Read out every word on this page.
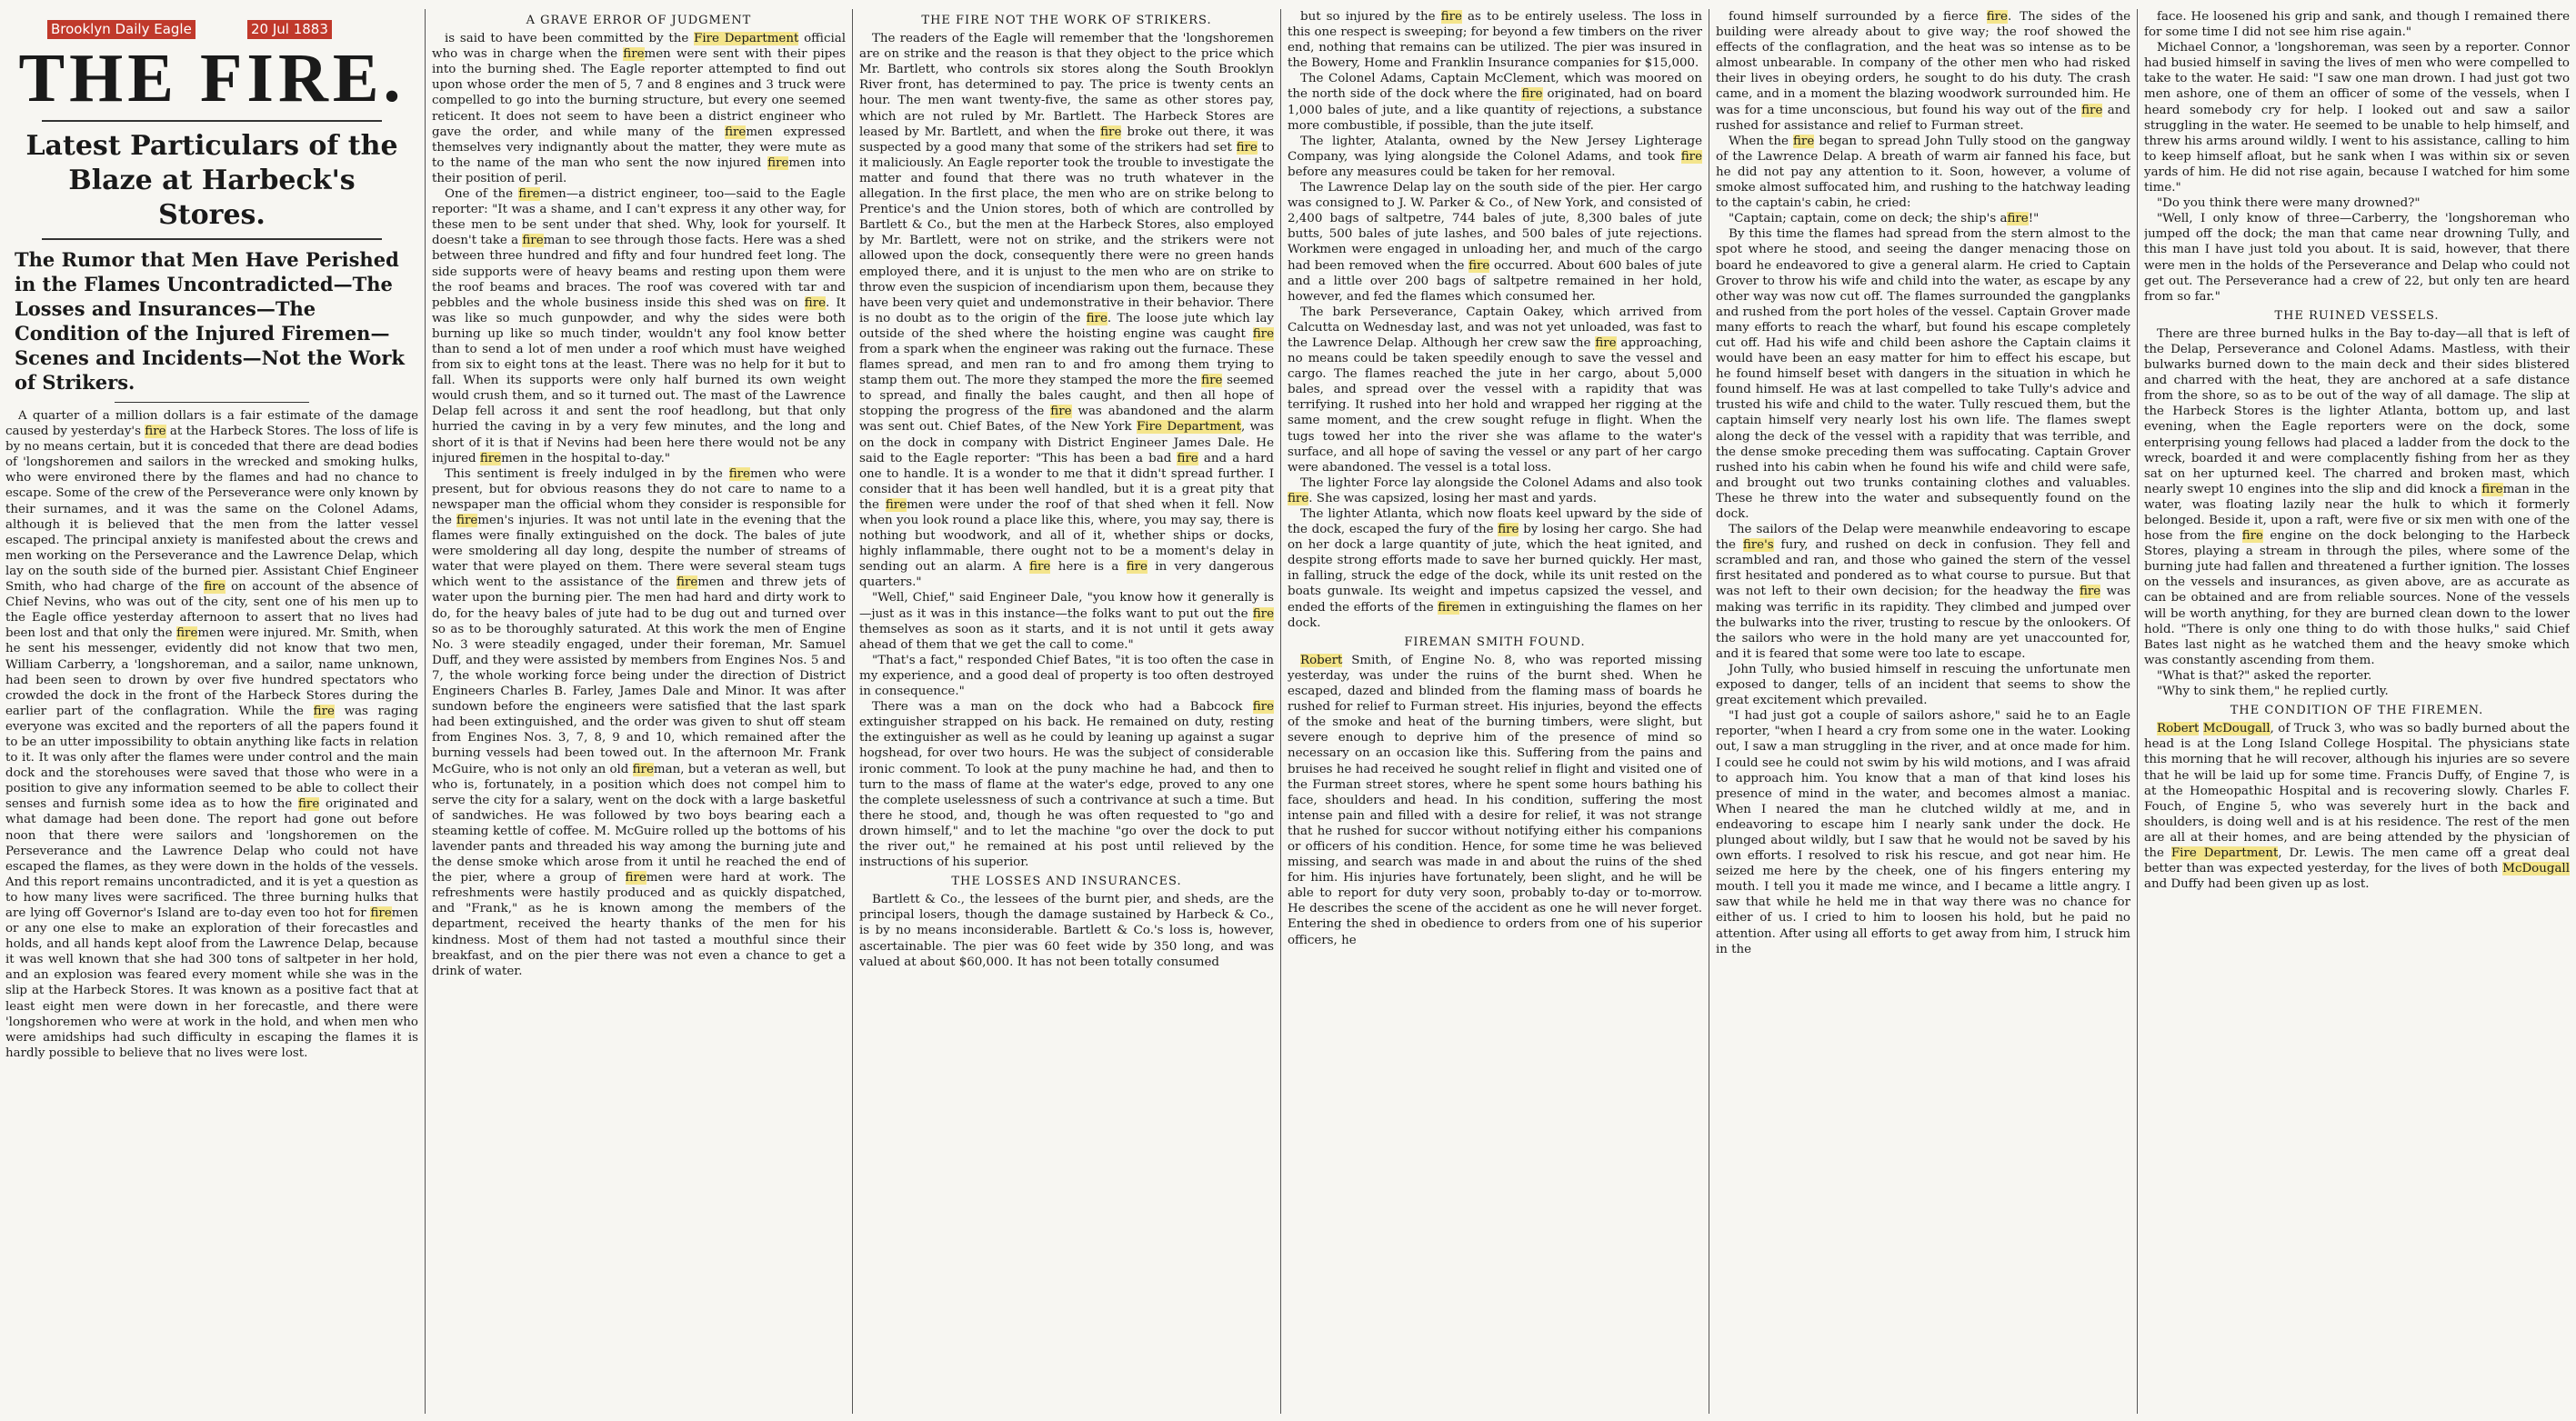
THE FIRE.
Latest Particulars of the Blaze at Harbeck's Stores.
The Rumor that Men Have Perished in the Flames Uncontradicted—The Losses and Insurances—The Condition of the Injured Firemen—Scenes and Incidents—Not the Work of Strikers.

A quarter of a million dollars is a fair estimate of the damage caused by yesterday's fire at the Harbeck Stores. The loss of life is by no means certain, but it is conceded that there are dead bodies of 'longshoremen and sailors in the wrecked and smoking hulks, who were environed there by the flames and had no chance to escape. Some of the crew of the Perseverance were only known by their surnames, and it was the same on the Colonel Adams, although it is believed that the men from the latter vessel escaped. The principal anxiety is manifested about the crews and men working on the Perseverance and the Lawrence Delap, which lay on the south side of the burned pier. Assistant Chief Engineer Smith, who had charge of the fire on account of the absence of Chief Nevins, who was out of the city, sent one of his men up to the Eagle office yesterday afternoon to assert that no lives had been lost and that only the firemen were injured. Mr. Smith, when he sent his messenger, evidently did not know that two men, William Carberry, a 'longshoreman, and a sailor, name unknown, had been seen to drown by over five hundred spectators who crowded the dock in the front of the Harbeck Stores during the earlier part of the conflagration. While the fire was raging everyone was excited and the reporters of all the papers found it to be an utter impossibility to obtain anything like facts in relation to it. It was only after the flames were under control and the main dock and the storehouses were saved that those who were in a position to give any information seemed to be able to collect their senses and furnish some idea as to how the fire originated and what damage had been done. The report had gone out before noon that there were sailors and 'longshoremen on the Perseverance and the Lawrence Delap who could not have escaped the flames, as they were down in the holds of the vessels. And this report remains uncontradicted, and it is yet a question as to how many lives were sacrificed. The three burning hulks that are lying off Governor's Island are to-day even too hot for firemen or any one else to make an exploration of their forecastles and holds, and all hands kept aloof from the Lawrence Delap, because it was well known that she had 300 tons of saltpeter in her hold, and an explosion was feared every moment while she was in the slip at the Harbeck Stores. It was known as a positive fact that at least eight men were down in her forecastle, and there were 'longshoremen who were at work in the hold, and when men who were amidships had such difficulty in escaping the flames it is hardly possible to believe that no lives were lost.

Brooklyn Daily Eagle	20 Jul 1883

A GRAVE ERROR OF JUDGMENT

is said to have been committed by the Fire Department official who was in charge when the firemen were sent with their pipes into the burning shed. The Eagle reporter attempted to find out upon whose order the men of 5, 7 and 8 engines and 3 truck were compelled to go into the burning structure, but every one seemed reticent. It does not seem to have been a district engineer who gave the order, and while many of the firemen expressed themselves very indignantly about the matter, they were mute as to the name of the man who sent the now injured firemen into their position of peril.

One of the firemen—a district engineer, too—said to the Eagle reporter: "It was a shame, and I can't express it any other way, for these men to be sent under that shed. Why, look for yourself. It doesn't take a fireman to see through those facts. Here was a shed between three hundred and fifty and four hundred feet long. The side supports were of heavy beams and resting upon them were the roof beams and braces. The roof was covered with tar and pebbles and the whole business inside this shed was on fire. It was like so much gunpowder, and why the sides were both burning up like so much tinder, wouldn't any fool know better than to send a lot of men under a roof which must have weighed from six to eight tons at the least. There was no help for it but to fall. When its supports were only half burned its own weight would crush them, and so it turned out. The mast of the Lawrence Delap fell across it and sent the roof headlong, but that only hurried the caving in by a very few minutes, and the long and short of it is that if Nevins had been here there would not be any injured firemen in the hospital to-day."

This sentiment is freely indulged in by the firemen who were present, but for obvious reasons they do not care to name to a newspaper man the official whom they consider is responsible for the firemen's injuries. It was not until late in the evening that the flames were finally extinguished on the dock. The bales of jute were smoldering all day long, despite the number of streams of water that were played on them. There were several steam tugs which went to the assistance of the firemen and threw jets of water upon the burning pier. The men had hard and dirty work to do, for the heavy bales of jute had to be dug out and turned over so as to be thoroughly saturated. At this work the men of Engine No. 3 were steadily engaged, under their foreman, Mr. Samuel Duff, and they were assisted by members from Engines Nos. 5 and 7, the whole working force being under the direction of District Engineers Charles B. Farley, James Dale and Minor. It was after sundown before the engineers were satisfied that the last spark had been extinguished, and the order was given to shut off steam from Engines Nos. 3, 7, 8, 9 and 10, which remained after the burning vessels had been towed out. In the afternoon Mr. Frank McGuire, who is not only an old fireman, but a veteran as well, but who is, fortunately, in a position which does not compel him to serve the city for a salary, went on the dock with a large basketful of sandwiches. He was followed by two boys bearing each a steaming kettle of coffee. M. McGuire rolled up the bottoms of his lavender pants and threaded his way among the burning jute and the dense smoke which arose from it until he reached the end of the pier, where a group of firemen were hard at work. The refreshments were hastily produced and as quickly dispatched, and "Frank," as he is known among the members of the department, received the hearty thanks of the men for his kindness. Most of them had not tasted a mouthful since their breakfast, and on the pier there was not even a chance to get a drink of water.

THE FIRE NOT THE WORK OF STRIKERS.

The readers of the Eagle will remember that the 'longshoremen are on strike and the reason is that they object to the price which Mr. Bartlett, who controls six stores along the South Brooklyn River front, has determined to pay. The price is twenty cents an hour. The men want twenty-five, the same as other stores pay, which are not ruled by Mr. Bartlett. The Harbeck Stores are leased by Mr. Bartlett, and when the fire broke out there, it was suspected by a good many that some of the strikers had set fire to it maliciously. An Eagle reporter took the trouble to investigate the matter and found that there was no truth whatever in the allegation. In the first place, the men who are on strike belong to Prentice's and the Union stores, both of which are controlled by Bartlett & Co., but the men at the Harbeck Stores, also employed by Mr. Bartlett, were not on strike, and the strikers were not allowed upon the dock, consequently there were no green hands employed there, and it is unjust to the men who are on strike to throw even the suspicion of incendiarism upon them, because they have been very quiet and undemonstrative in their behavior. There is no doubt as to the origin of the fire. The loose jute which lay outside of the shed where the hoisting engine was caught fire from a spark when the engineer was raking out the furnace. These flames spread, and men ran to and fro among them trying to stamp them out. The more they stamped the more the fire seemed to spread, and finally the bales caught, and then all hope of stopping the progress of the fire was abandoned and the alarm was sent out. Chief Bates, of the New York Fire Department, was on the dock in company with District Engineer James Dale. He said to the Eagle reporter: "This has been a bad fire and a hard one to handle. It is a wonder to me that it didn't spread further. I consider that it has been well handled, but it is a great pity that the firemen were under the roof of that shed when it fell. Now when you look round a place like this, where, you may say, there is nothing but woodwork, and all of it, whether ships or docks, highly inflammable, there ought not to be a moment's delay in sending out an alarm. A fire here is a fire in very dangerous quarters."

"Well, Chief," said Engineer Dale, "you know how it generally is—just as it was in this instance—the folks want to put out the fire themselves as soon as it starts, and it is not until it gets away ahead of them that we get the call to come."

"That's a fact," responded Chief Bates, "it is too often the case in my experience, and a good deal of property is too often destroyed in consequence."

There was a man on the dock who had a Babcock fire extinguisher strapped on his back. He remained on duty, resting the extinguisher as well as he could by leaning up against a sugar hogshead, for over two hours. He was the subject of considerable ironic comment. To look at the puny machine he had, and then to turn to the mass of flame at the water's edge, proved to any one the complete uselessness of such a contrivance at such a time. But there he stood, and, though he was often requested to "go and drown himself," and to let the machine "go over the dock to put the river out," he remained at his post until relieved by the instructions of his superior.

THE LOSSES AND INSURANCES.

Bartlett & Co., the lessees of the burnt pier, and sheds, are the principal losers, though the damage sustained by Harbeck & Co., is by no means inconsiderable. Bartlett & Co.'s loss is, however, ascertainable. The pier was 60 feet wide by 350 long, and was valued at about $60,000. It has not been totally consumed

but so injured by the fire as to be entirely useless. The loss in this one respect is sweeping; for beyond a few timbers on the river end, nothing that remains can be utilized. The pier was insured in the Bowery, Home and Franklin Insurance companies for $15,000.

The Colonel Adams, Captain McClement, which was moored on the north side of the dock where the fire originated, had on board 1,000 bales of jute, and a like quantity of rejections, a substance more combustible, if possible, than the jute itself.

The lighter, Atalanta, owned by the New Jersey Lighterage Company, was lying alongside the Colonel Adams, and took fire before any measures could be taken for her removal.

The Lawrence Delap lay on the south side of the pier. Her cargo was consigned to J. W. Parker & Co., of New York, and consisted of 2,400 bags of saltpetre, 744 bales of jute, 8,300 bales of jute butts, 500 bales of jute lashes, and 500 bales of jute rejections. Workmen were engaged in unloading her, and much of the cargo had been removed when the fire occurred. About 600 bales of jute and a little over 200 bags of saltpetre remained in her hold, however, and fed the flames which consumed her.

The bark Perseverance, Captain Oakey, which arrived from Calcutta on Wednesday last, and was not yet unloaded, was fast to the Lawrence Delap. Although her crew saw the fire approaching, no means could be taken speedily enough to save the vessel and cargo. The flames reached the jute in her cargo, about 5,000 bales, and spread over the vessel with a rapidity that was terrifying. It rushed into her hold and wrapped her rigging at the same moment, and the crew sought refuge in flight. When the tugs towed her into the river she was aflame to the water's surface, and all hope of saving the vessel or any part of her cargo were abandoned. The vessel is a total loss.

The lighter Force lay alongside the Colonel Adams and also took fire. She was capsized, losing her mast and yards.

The lighter Atlanta, which now floats keel upward by the side of the dock, escaped the fury of the fire by losing her cargo. She had on her dock a large quantity of jute, which the heat ignited, and despite strong efforts made to save her burned quickly. Her mast, in falling, struck the edge of the dock, while its unit rested on the boats gunwale. Its weight and impetus capsized the vessel, and ended the efforts of the firemen in extinguishing the flames on her dock.

FIREMAN SMITH FOUND.

Robert Smith, of Engine No. 8, who was reported missing yesterday, was under the ruins of the burnt shed. When he escaped, dazed and blinded from the flaming mass of boards he rushed for relief to Furman street. His injuries, beyond the effects of the smoke and heat of the burning timbers, were slight, but severe enough to deprive him of the presence of mind so necessary on an occasion like this. Suffering from the pains and bruises he had received he sought relief in flight and visited one of the Furman street stores, where he spent some hours bathing his face, shoulders and head. In his condition, suffering the most intense pain and filled with a desire for relief, it was not strange that he rushed for succor without notifying either his companions or officers of his condition. Hence, for some time he was believed missing, and search was made in and about the ruins of the shed for him. His injuries have fortunately, been slight, and he will be able to report for duty very soon, probably to-day or to-morrow. He describes the scene of the accident as one he will never forget. Entering the shed in obedience to orders from one of his superior officers, he

found himself surrounded by a fierce fire. The sides of the building were already about to give way; the roof showed the effects of the conflagration, and the heat was so intense as to be almost unbearable. In company of the other men who had risked their lives in obeying orders, he sought to do his duty. The crash came, and in a moment the blazing woodwork surrounded him. He was for a time unconscious, but found his way out of the fire and rushed for assistance and relief to Furman street.

When the fire began to spread John Tully stood on the gangway of the Lawrence Delap. A breath of warm air fanned his face, but he did not pay any attention to it. Soon, however, a volume of smoke almost suffocated him, and rushing to the hatchway leading to the captain's cabin, he cried:

"Captain; captain, come on deck; the ship's afire!"

By this time the flames had spread from the stern almost to the spot where he stood, and seeing the danger menacing those on board he endeavored to give a general alarm. He cried to Captain Grover to throw his wife and child into the water, as escape by any other way was now cut off. The flames surrounded the gangplanks and rushed from the port holes of the vessel. Captain Grover made many efforts to reach the wharf, but found his escape completely cut off. Had his wife and child been ashore the Captain claims it would have been an easy matter for him to effect his escape, but he found himself beset with dangers in the situation in which he found himself. He was at last compelled to take Tully's advice and trusted his wife and child to the water. Tully rescued them, but the captain himself very nearly lost his own life. The flames swept along the deck of the vessel with a rapidity that was terrible, and the dense smoke preceding them was suffocating. Captain Grover rushed into his cabin when he found his wife and child were safe, and brought out two trunks containing clothes and valuables. These he threw into the water and subsequently found on the dock.

The sailors of the Delap were meanwhile endeavoring to escape the fire's fury, and rushed on deck in confusion. They fell and scrambled and ran, and those who gained the stern of the vessel first hesitated and pondered as to what course to pursue. But that was not left to their own decision; for the headway the fire was making was terrific in its rapidity. They climbed and jumped over the bulwarks into the river, trusting to rescue by the onlookers. Of the sailors who were in the hold many are yet unaccounted for, and it is feared that some were too late to escape.

John Tully, who busied himself in rescuing the unfortunate men exposed to danger, tells of an incident that seems to show the great excitement which prevailed.

"I had just got a couple of sailors ashore," said he to an Eagle reporter, "when I heard a cry from some one in the water. Looking out, I saw a man struggling in the river, and at once made for him. I could see he could not swim by his wild motions, and I was afraid to approach him. You know that a man of that kind loses his presence of mind in the water, and becomes almost a maniac. When I neared the man he clutched wildly at me, and in endeavoring to escape him I nearly sank under the dock. He plunged about wildly, but I saw that he would not be saved by his own efforts. I resolved to risk his rescue, and got near him. He seized me here by the cheek, one of his fingers entering my mouth. I tell you it made me wince, and I became a little angry. I saw that while he held me in that way there was no chance for either of us. I cried to him to loosen his hold, but he paid no attention. After using all efforts to get away from him, I struck him in the

face. He loosened his grip and sank, and though I remained there for some time I did not see him rise again."

Michael Connor, a 'longshoreman, was seen by a reporter. Connor had busied himself in saving the lives of men who were compelled to take to the water. He said: "I saw one man drown. I had just got two men ashore, one of them an officer of some of the vessels, when I heard somebody cry for help. I looked out and saw a sailor struggling in the water. He seemed to be unable to help himself, and threw his arms around wildly. I went to his assistance, calling to him to keep himself afloat, but he sank when I was within six or seven yards of him. He did not rise again, because I watched for him some time."

"Do you think there were many drowned?"

"Well, I only know of three—Carberry, the 'longshoreman who jumped off the dock; the man that came near drowning Tully, and this man I have just told you about. It is said, however, that there were men in the holds of the Perseverance and Delap who could not get out. The Perseverance had a crew of 22, but only ten are heard from so far."

THE RUINED VESSELS.

There are three burned hulks in the Bay to-day—all that is left of the Delap, Perseverance and Colonel Adams. Mastless, with their bulwarks burned down to the main deck and their sides blistered and charred with the heat, they are anchored at a safe distance from the shore, so as to be out of the way of all damage. The slip at the Harbeck Stores is the lighter Atlanta, bottom up, and last evening, when the Eagle reporters were on the dock, some enterprising young fellows had placed a ladder from the dock to the wreck, boarded it and were complacently fishing from her as they sat on her upturned keel. The charred and broken mast, which nearly swept 10 engines into the slip and did knock a fireman in the water, was floating lazily near the hulk to which it formerly belonged. Beside it, upon a raft, were five or six men with one of the hose from the fire engine on the dock belonging to the Harbeck Stores, playing a stream in through the piles, where some of the burning jute had fallen and threatened a further ignition. The losses on the vessels and insurances, as given above, are as accurate as can be obtained and are from reliable sources. None of the vessels will be worth anything, for they are burned clean down to the lower hold. "There is only one thing to do with those hulks," said Chief Bates last night as he watched them and the heavy smoke which was constantly ascending from them.

"What is that?" asked the reporter.

"Why to sink them," he replied curtly.

THE CONDITION OF THE FIREMEN.

Robert McDougall, of Truck 3, who was so badly burned about the head is at the Long Island College Hospital. The physicians state this morning that he will recover, although his injuries are so severe that he will be laid up for some time. Francis Duffy, of Engine 7, is at the Homeopathic Hospital and is recovering slowly. Charles F. Fouch, of Engine 5, who was severely hurt in the back and shoulders, is doing well and is at his residence. The rest of the men are all at their homes, and are being attended by the physician of the Fire Department, Dr. Lewis. The men came off a great deal better than was expected yesterday, for the lives of both McDougall and Duffy had been given up as lost.
